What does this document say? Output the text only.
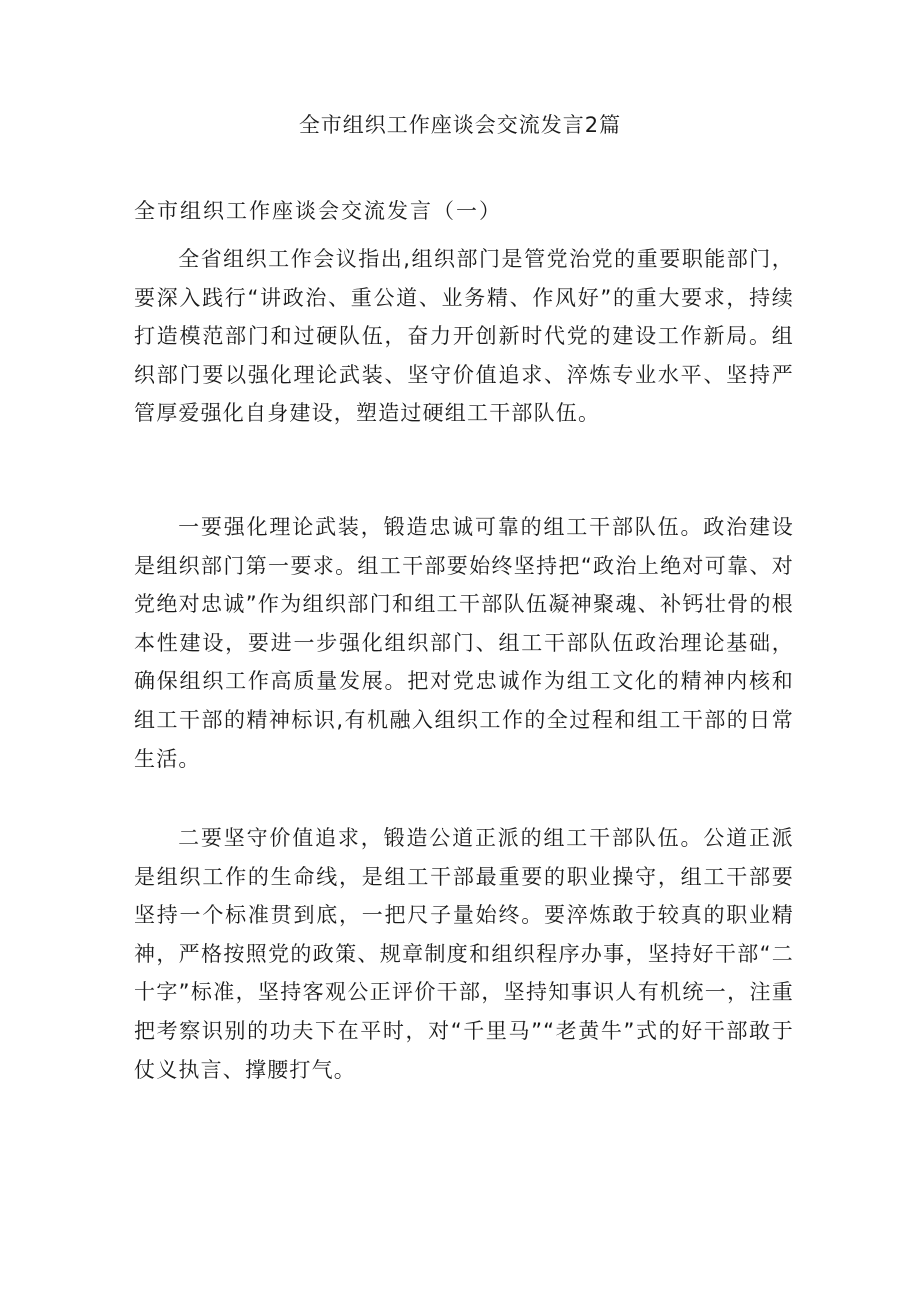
全市组织工作座谈会交流发言2篇
全市组织工作座谈会交流发言（一）

全省组织工作会议指出,组织部门是管党治党的重要职能部门，要深入践行“讲政治、重公道、业务精、作风好”的重大要求，持续打造模范部门和过硬队伍，奋力开创新时代党的建设工作新局。组织部门要以强化理论武装、坚守价值追求、淬炼专业水平、坚持严管厚爱强化自身建设，塑造过硬组工干部队伍。

一要强化理论武装，锻造忠诚可靠的组工干部队伍。政治建设是组织部门第一要求。组工干部要始终坚持把“政治上绝对可靠、对党绝对忠诚”作为组织部门和组工干部队伍凝神聚魂、补钙壮骨的根本性建设，要进一步强化组织部门、组工干部队伍政治理论基础，确保组织工作高质量发展。把对党忠诚作为组工文化的精神内核和组工干部的精神标识,有机融入组织工作的全过程和组工干部的日常生活。

二要坚守价值追求，锻造公道正派的组工干部队伍。公道正派是组织工作的生命线，是组工干部最重要的职业操守，组工干部要坚持一个标准贯到底，一把尺子量始终。要淬炼敢于较真的职业精神，严格按照党的政策、规章制度和组织程序办事，坚持好干部“二十字”标准，坚持客观公正评价干部，坚持知事识人有机统一，注重把考察识别的功夫下在平时，对“千里马”“老黄牛”式的好干部敢于仗义执言、撑腰打气。
